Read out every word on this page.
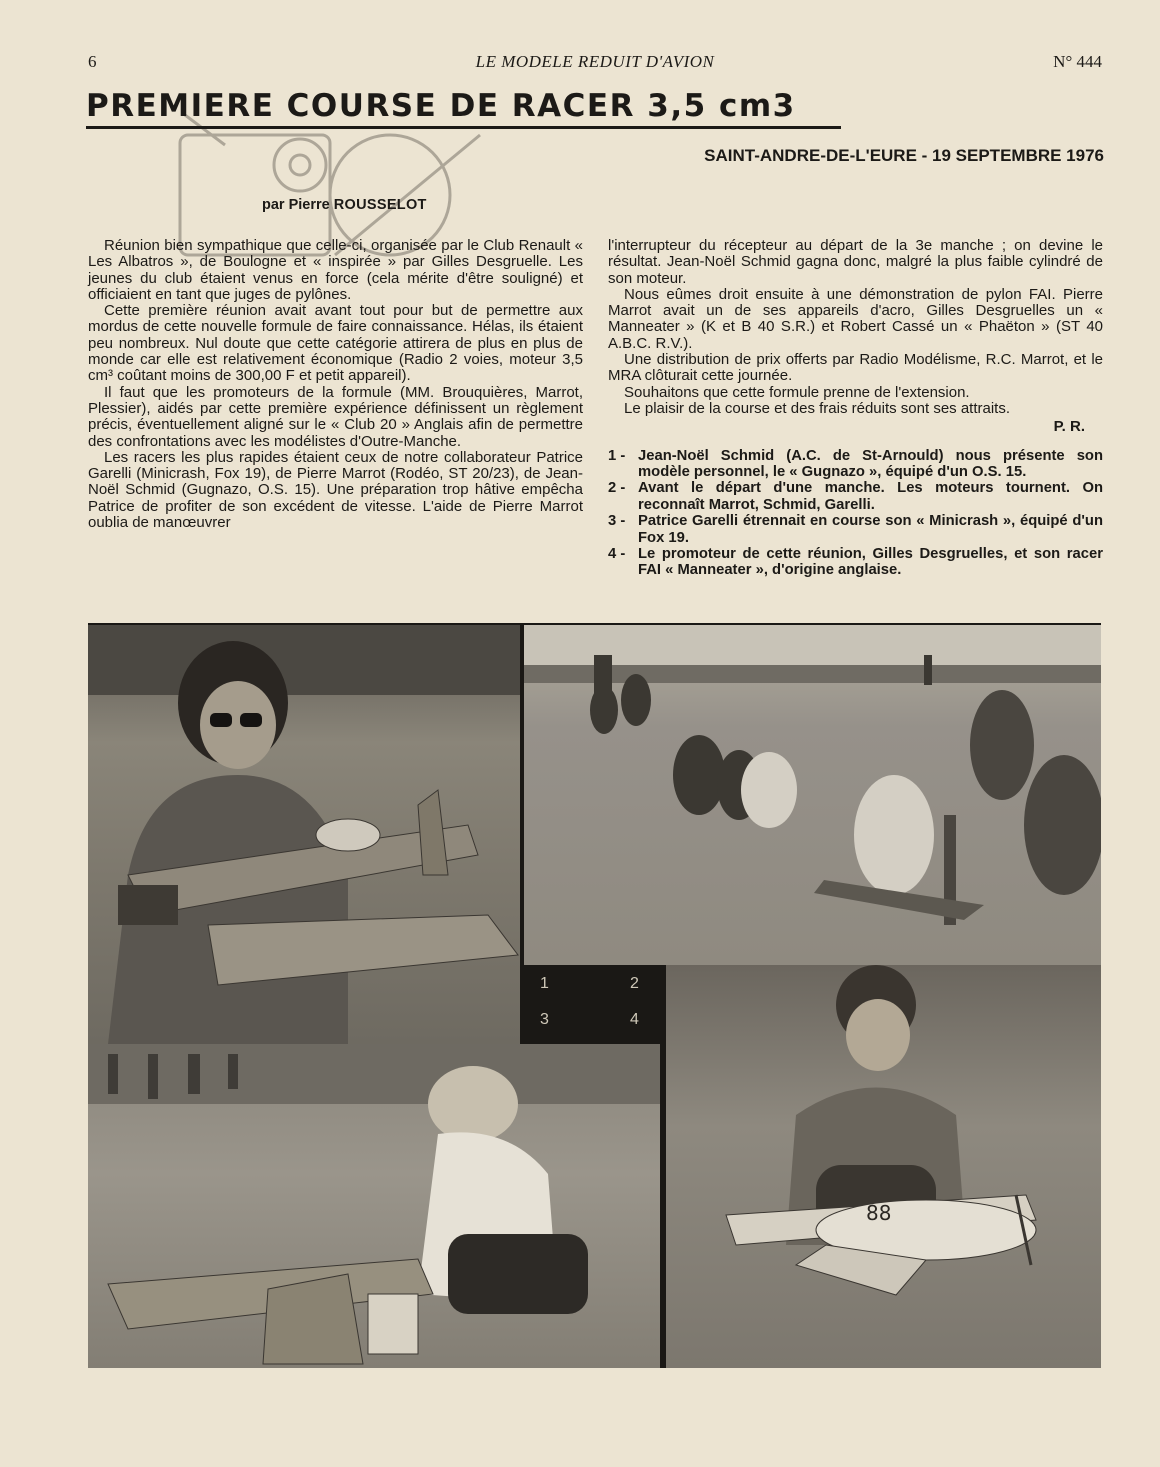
6	LE MODELE REDUIT D'AVION	N° 444
PREMIERE COURSE DE RACER 3,5 cm3
SAINT-ANDRE-DE-L'EURE - 19 SEPTEMBRE 1976
par Pierre ROUSSELOT

Réunion bien sympathique que celle-ci, organisée par le Club Renault « Les Albatros », de Boulogne et « inspirée » par Gilles Desgruelle. Les jeunes du club étaient venus en force (cela mérite d'être souligné) et officiaient en tant que juges de pylônes.

Cette première réunion avait avant tout pour but de permettre aux mordus de cette nouvelle formule de faire connaissance. Hélas, ils étaient peu nombreux. Nul doute que cette catégorie attirera de plus en plus de monde car elle est relativement économique (Radio 2 voies, moteur 3,5 cm³ coûtant moins de 300,00 F et petit appareil).

Il faut que les promoteurs de la formule (MM. Brouquières, Marrot, Plessier), aidés par cette première expérience définissent un règlement précis, éventuellement aligné sur le « Club 20 » Anglais afin de permettre des confrontations avec les modélistes d'Outre-Manche.

Les racers les plus rapides étaient ceux de notre collaborateur Patrice Garelli (Minicrash, Fox 19), de Pierre Marrot (Rodéo, ST 20/23), de Jean-Noël Schmid (Gugnazo, O.S. 15). Une préparation trop hâtive empêcha Patrice de profiter de son excédent de vitesse. L'aide de Pierre Marrot oublia de manœuvrer

l'interrupteur du récepteur au départ de la 3e manche ; on devine le résultat. Jean-Noël Schmid gagna donc, malgré la plus faible cylindré de son moteur.

Nous eûmes droit ensuite à une démonstration de pylon FAI. Pierre Marrot avait un de ses appareils d'acro, Gilles Desgruelles un « Manneater » (K et B 40 S.R.) et Robert Cassé un « Phaëton » (ST 40 A.B.C. R.V.).

Une distribution de prix offerts par Radio Modélisme, R.C. Marrot, et le MRA clôturait cette journée.

Souhaitons que cette formule prenne de l'extension.

Le plaisir de la course et des frais réduits sont ses attraits.

P. R.
1 - Jean-Noël Schmid (A.C. de St-Arnould) nous présente son modèle personnel, le « Gugnazo », équipé d'un O.S. 15.
2 - Avant le départ d'une manche. Les moteurs tournent. On reconnaît Marrot, Schmid, Garelli.
3 - Patrice Garelli étrennait en course son « Minicrash », équipé d'un Fox 19.
4 - Le promoteur de cette réunion, Gilles Desgruelles, et son racer FAI « Manneater », d'origine anglaise.
88
1	2
3	4
